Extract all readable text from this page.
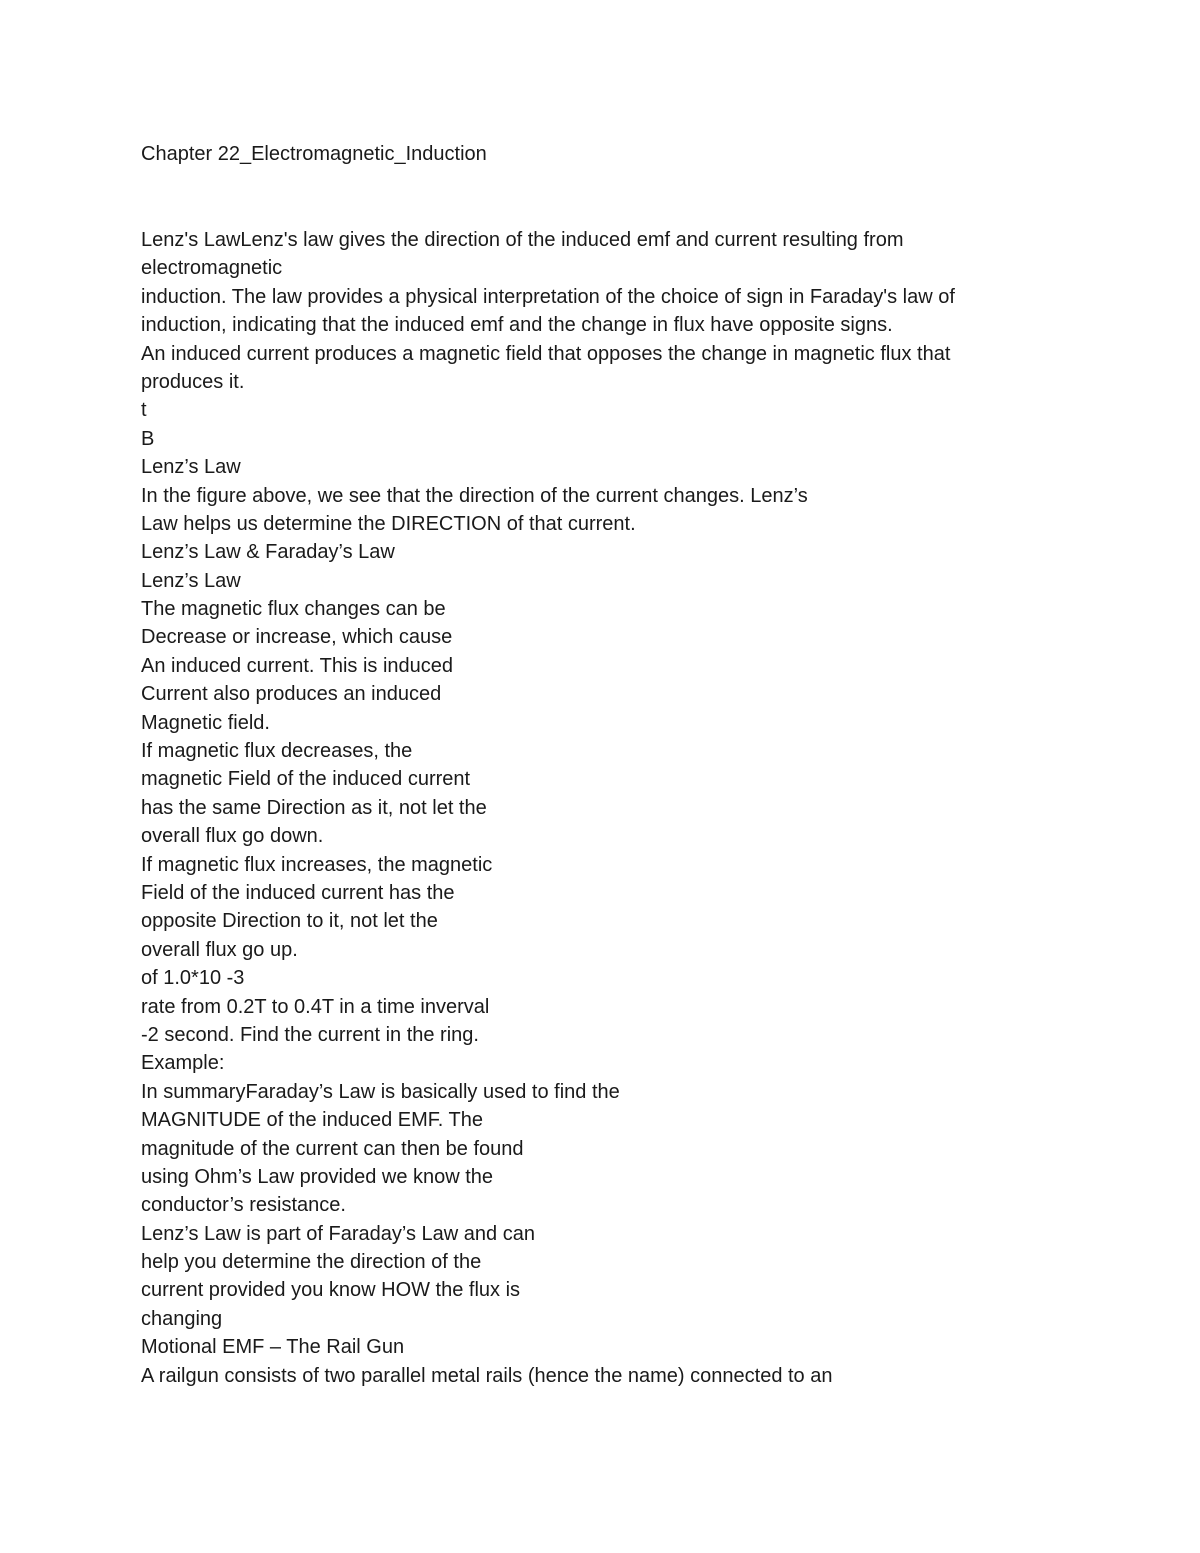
Chapter 22_Electromagnetic_Induction
Lenz's LawLenz's law gives the direction of the induced emf and current resulting from
electromagnetic
induction. The law provides a physical interpretation of the choice of sign in Faraday's law of
induction, indicating that the induced emf and the change in flux have opposite signs.
An induced current produces a magnetic field that opposes the change in magnetic flux that
produces it.
t
B
Lenz’s Law
In the figure above, we see that the direction of the current changes. Lenz’s
Law helps us determine the DIRECTION of that current.
Lenz’s Law & Faraday’s Law
Lenz’s Law
The magnetic flux changes can be
Decrease or increase, which cause
An induced current. This is induced
Current also produces an induced
Magnetic field.
If magnetic flux decreases, the
magnetic Field of the induced current
has the same Direction as it, not let the
overall flux go down.
If magnetic flux increases, the magnetic
Field of the induced current has the
opposite Direction to it, not let the
overall flux go up.
of 1.0*10 -3
rate from 0.2T to 0.4T in a time inverval
-2 second. Find the current in the ring.
Example:
In summaryFaraday’s Law is basically used to find the
MAGNITUDE of the induced EMF. The
magnitude of the current can then be found
using Ohm’s Law provided we know the
conductor’s resistance.
Lenz’s Law is part of Faraday’s Law and can
help you determine the direction of the
current provided you know HOW the flux is
changing
Motional EMF – The Rail Gun
A railgun consists of two parallel metal rails (hence the name) connected to an
